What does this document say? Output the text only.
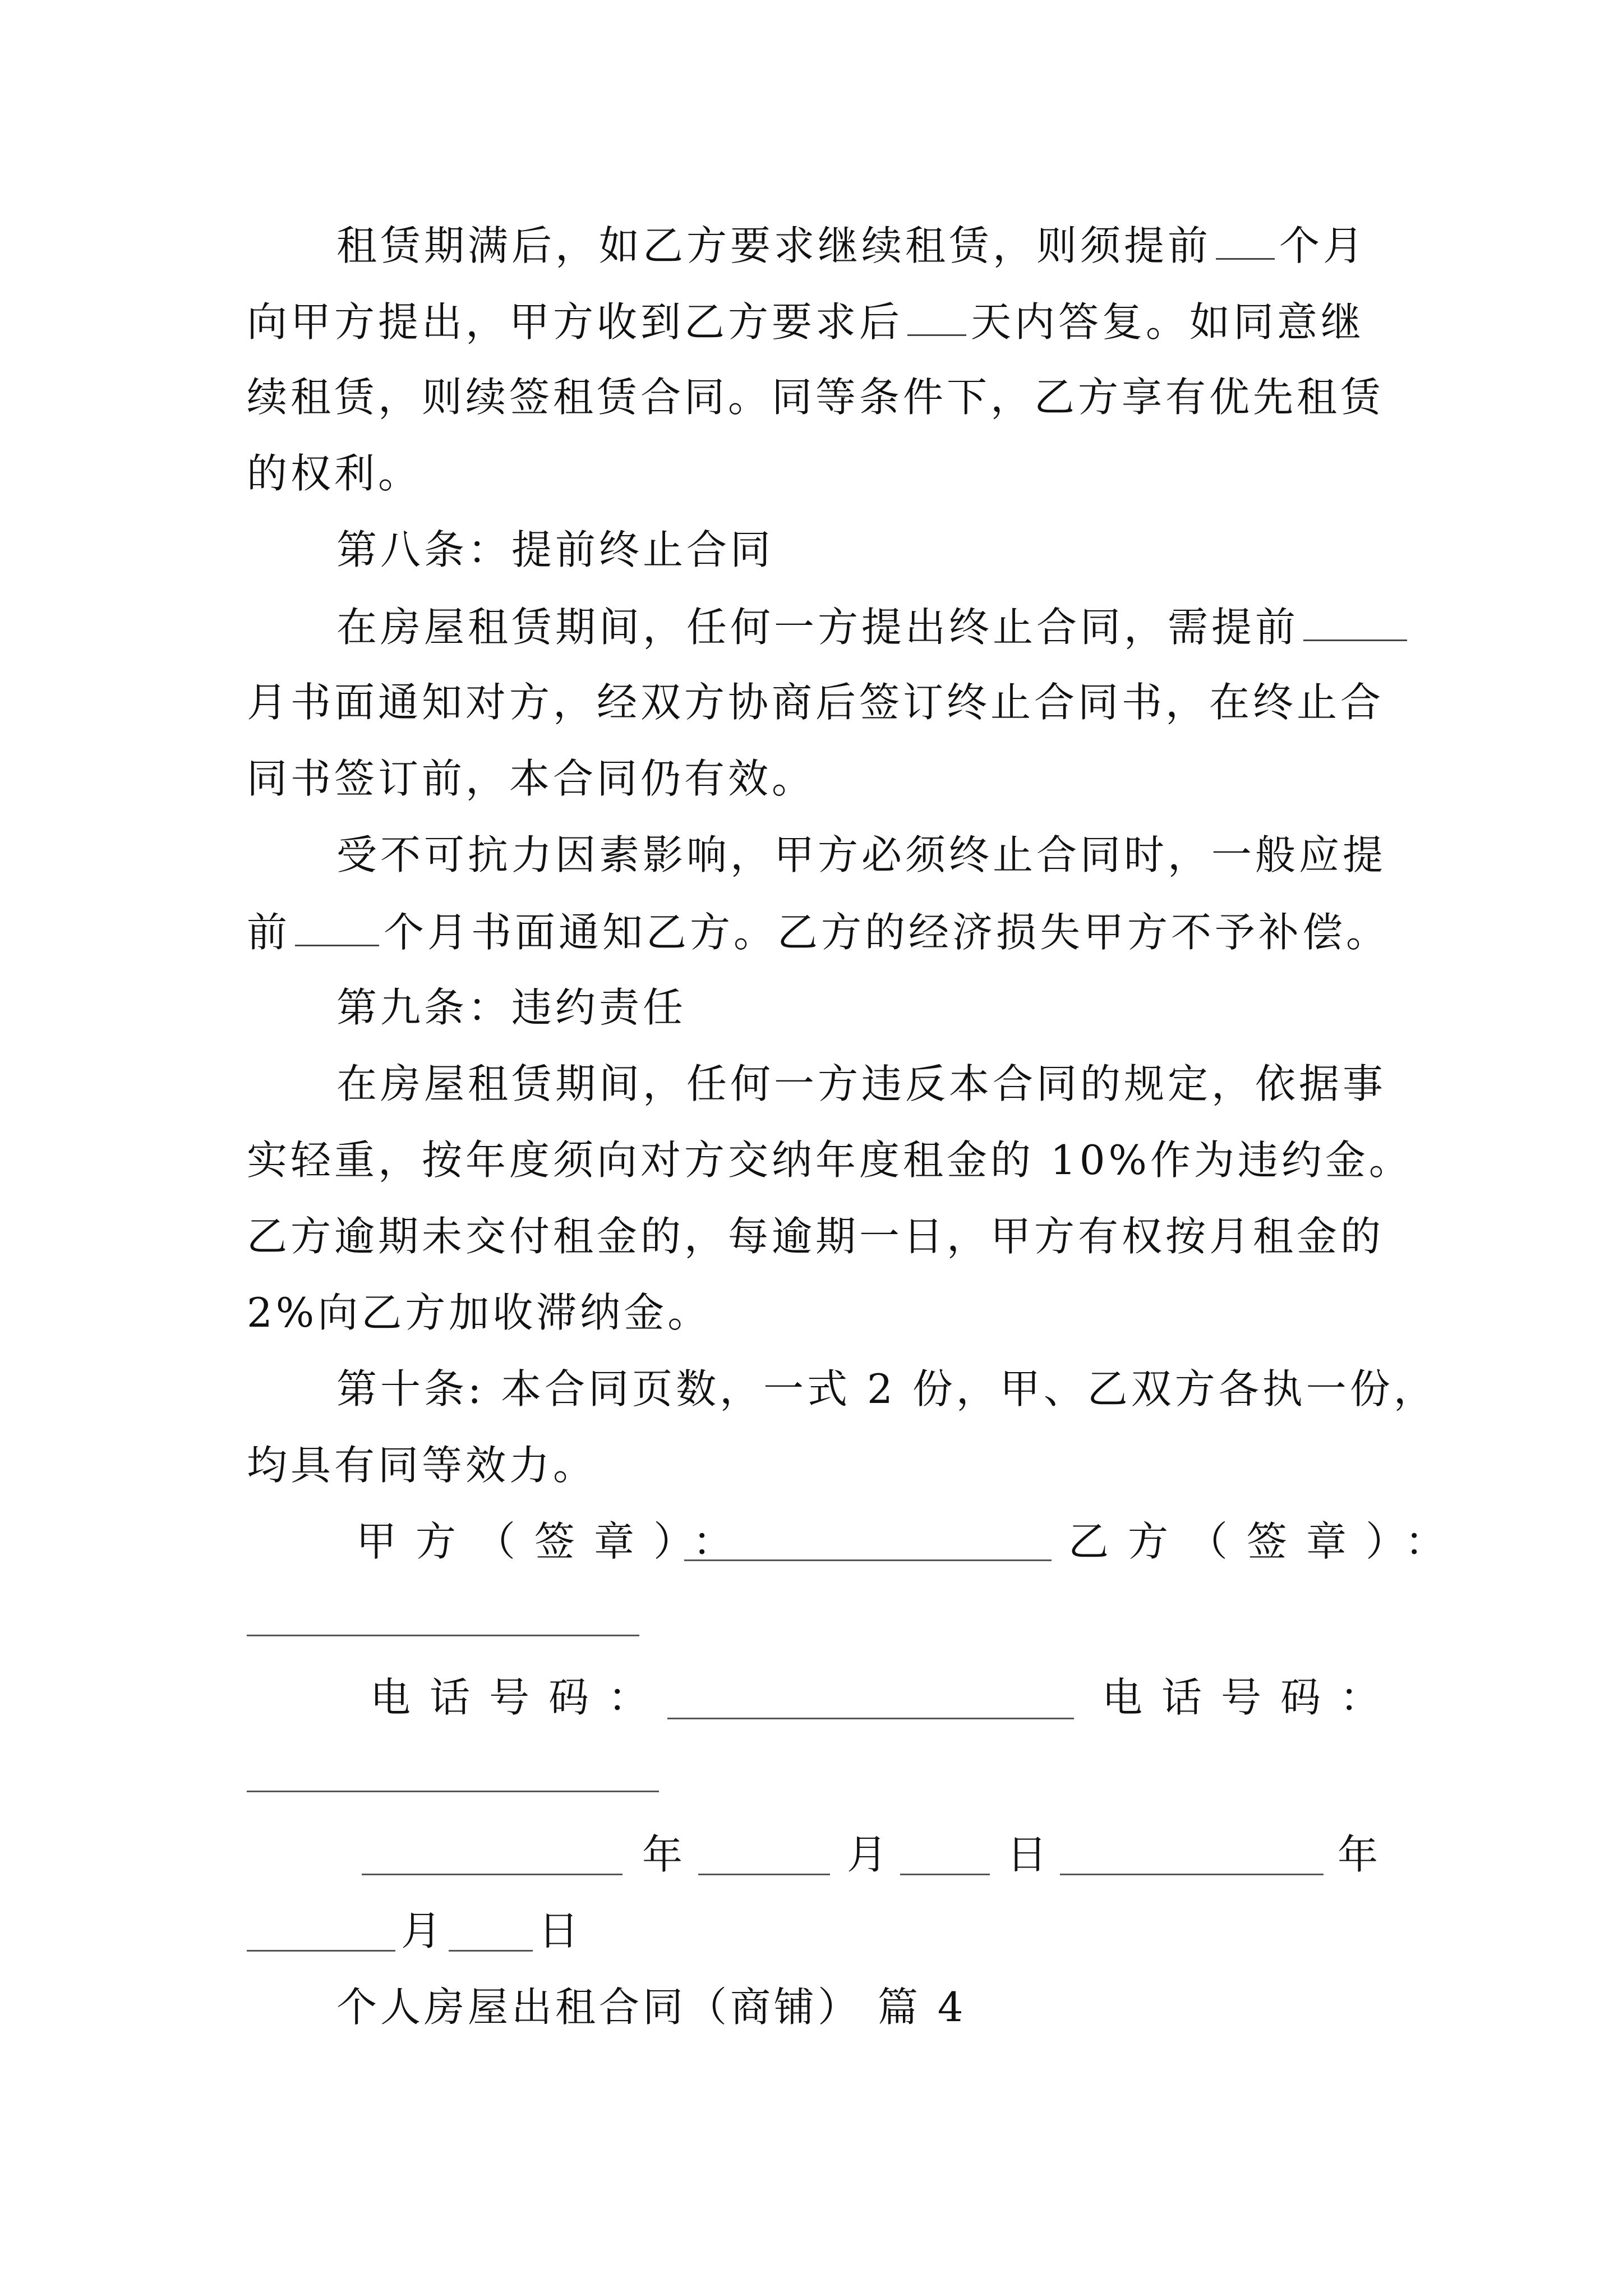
租赁期满后，如乙方要求继续租赁，则须提前 个月
向甲方提出，甲方收到乙方要求后 天内答复。如同意继
续租赁，则续签租赁合同。同等条件下，乙方享有优先租赁
的权利。
第八条：提前终止合同
在房屋租赁期间，任何一方提出终止合同，需提前
月书面通知对方，经双方协商后签订终止合同书，在终止合
同书签订前，本合同仍有效。
受不可抗力因素影响，甲方必须终止合同时，一般应提
前 个月书面通知乙方。乙方的经济损失甲方不予补偿。
第九条：违约责任
在房屋租赁期间，任何一方违反本合同的规定，依据事
实轻重，按年度须向对方交纳年度租金的 10%作为违约金。
乙方逾期未交付租金的，每逾期一日，甲方有权按月租金的
2%向乙方加收滞纳金。
第十条: 本合同页数，一式 2 份，甲、乙双方各执一份，
均具有同等效力。
甲方（签章）：	乙方（签章）：
电话号码：	电话号码：
年	月	日	年
月 日
个人房屋出租合同（商铺） 篇 4
